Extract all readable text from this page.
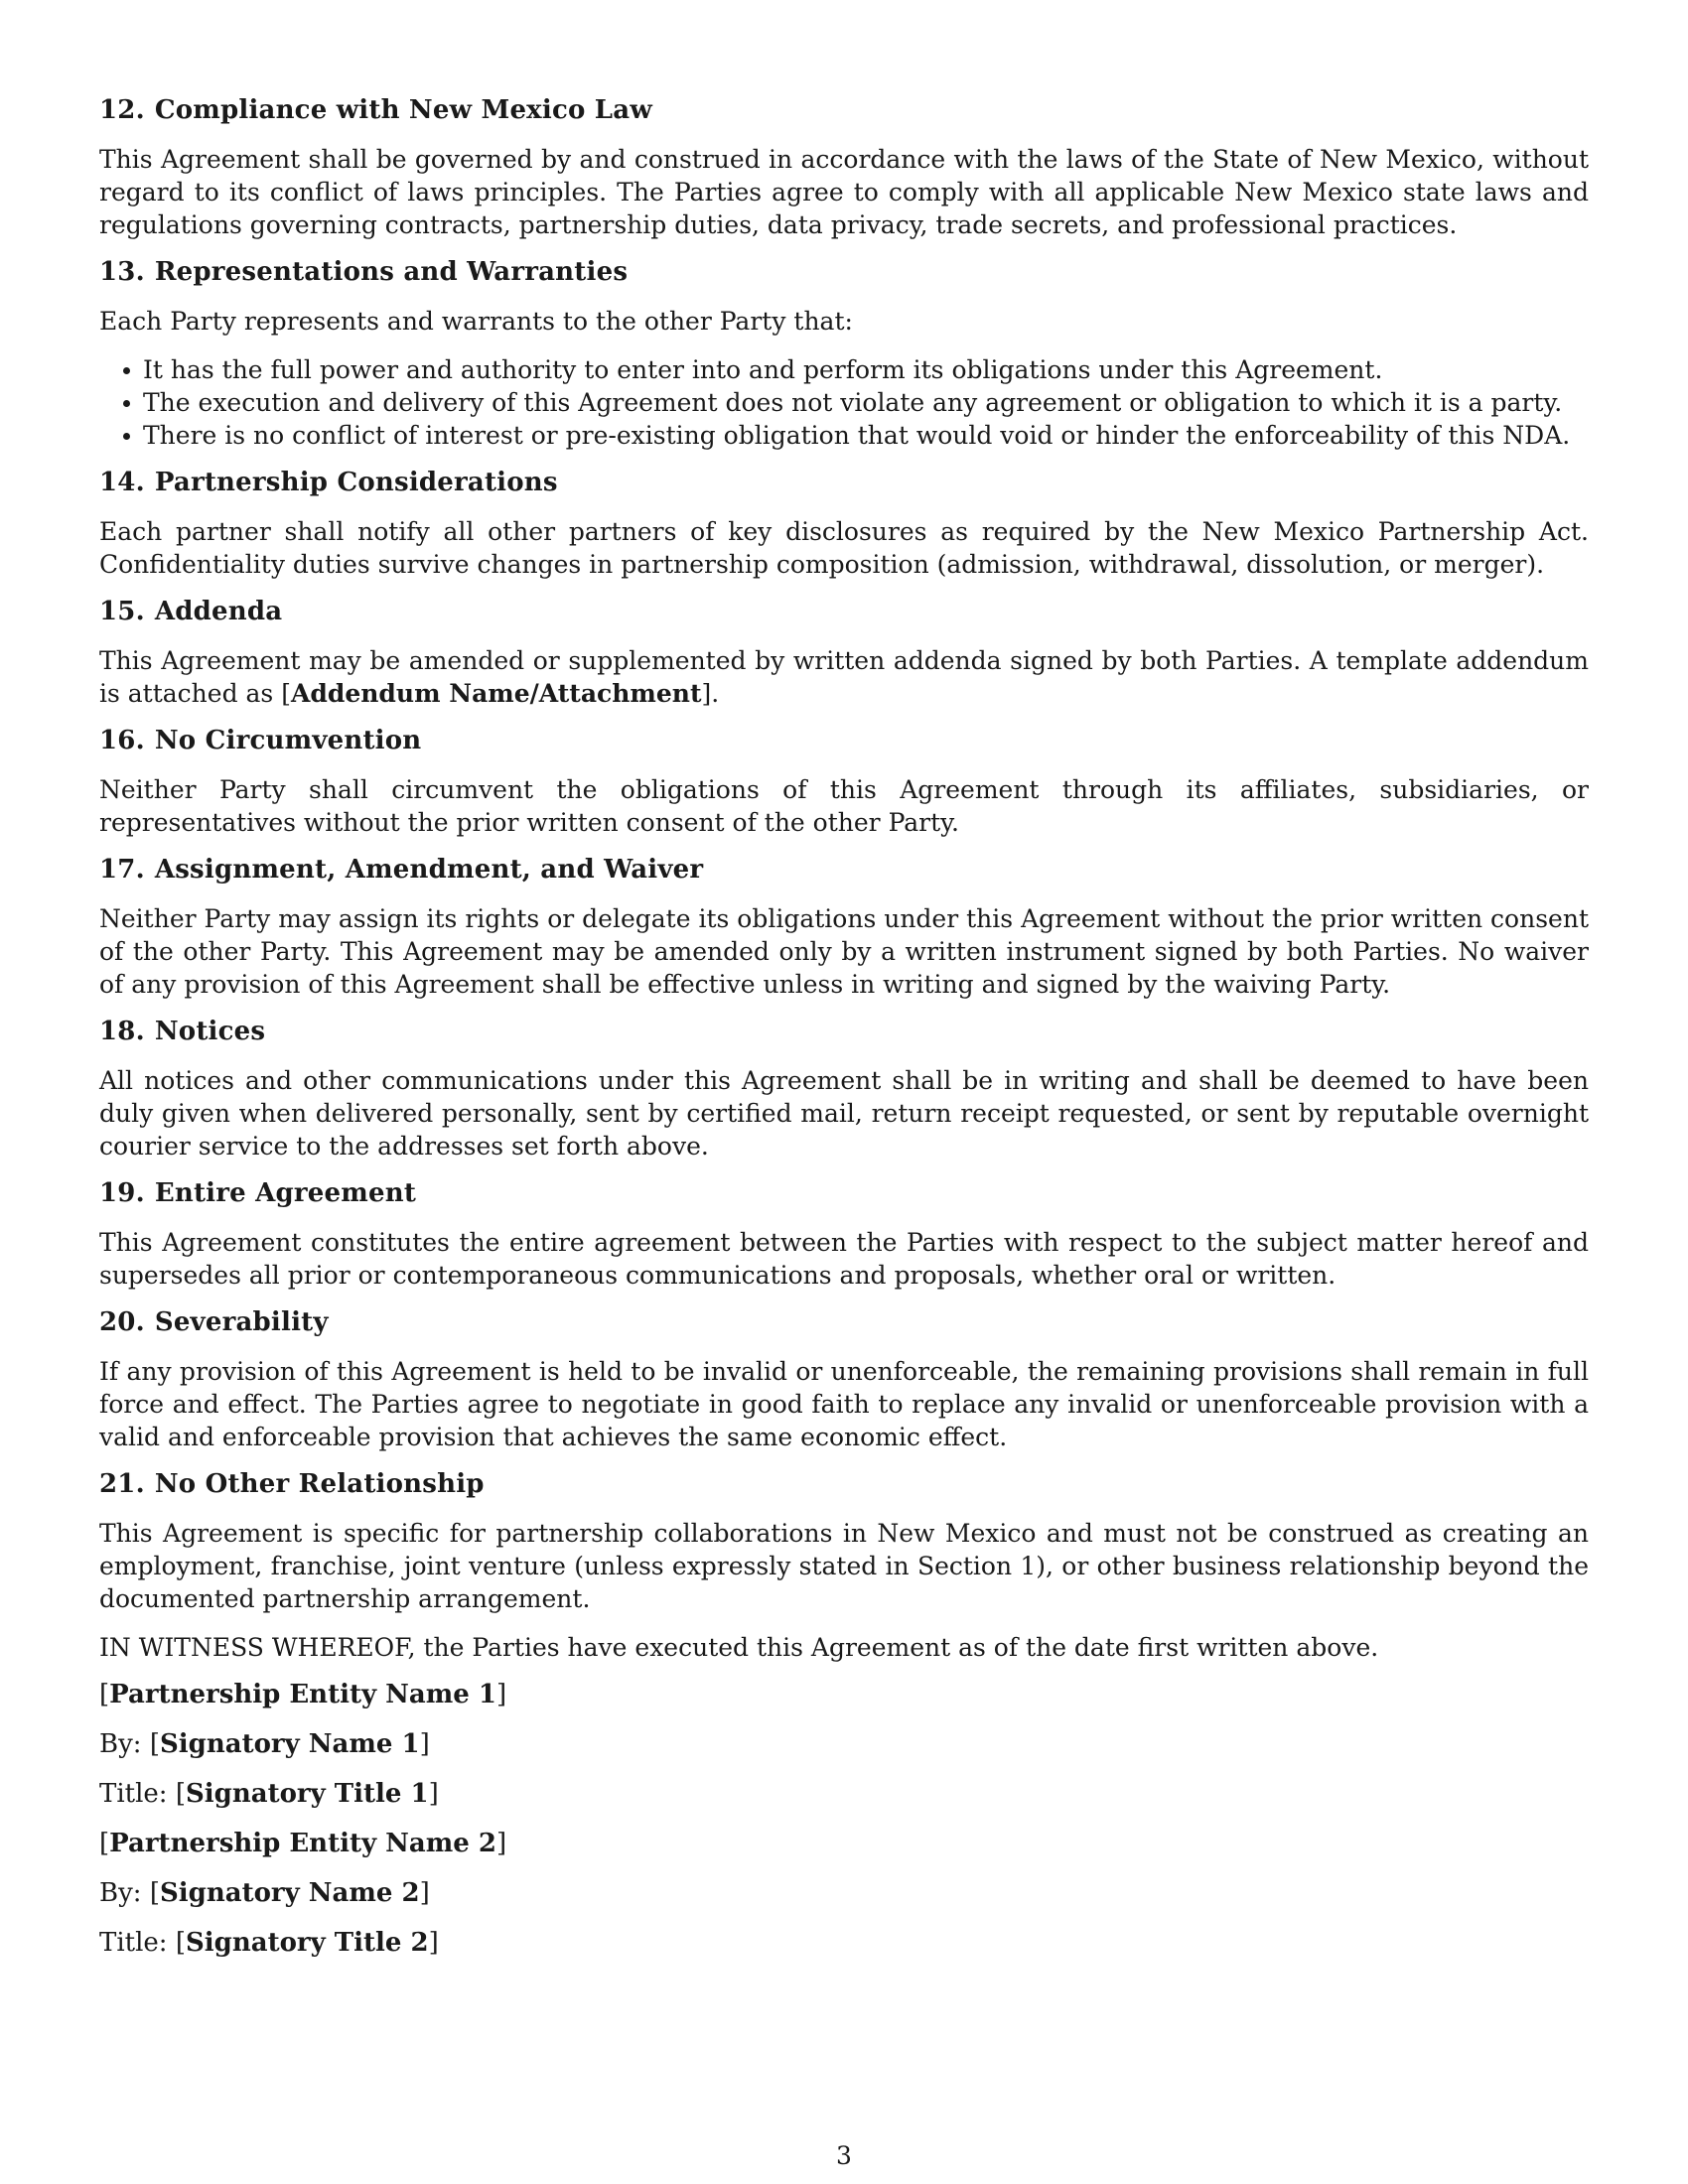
12. Compliance with New Mexico Law

This Agreement shall be governed by and construed in accordance with the laws of the State of New Mexico, without regard to its conflict of laws principles. The Parties agree to comply with all applicable New Mexico state laws and regulations governing contracts, partnership duties, data privacy, trade secrets, and professional practices.

13. Representations and Warranties

Each Party represents and warrants to the other Party that:

It has the full power and authority to enter into and perform its obligations under this Agreement.
The execution and delivery of this Agreement does not violate any agreement or obligation to which it is a party.
There is no conflict of interest or pre-existing obligation that would void or hinder the enforceability of this NDA.
14. Partnership Considerations

Each partner shall notify all other partners of key disclosures as required by the New Mexico Partnership Act. Confidentiality duties survive changes in partnership composition (admission, withdrawal, dissolution, or merger).

15. Addenda

This Agreement may be amended or supplemented by written addenda signed by both Parties. A template addendum is attached as [Addendum Name/Attachment].

16. No Circumvention

Neither Party shall circumvent the obligations of this Agreement through its affiliates, subsidiaries, or representatives without the prior written consent of the other Party.

17. Assignment, Amendment, and Waiver

Neither Party may assign its rights or delegate its obligations under this Agreement without the prior written consent of the other Party. This Agreement may be amended only by a written instrument signed by both Parties. No waiver of any provision of this Agreement shall be effective unless in writing and signed by the waiving Party.

18. Notices

All notices and other communications under this Agreement shall be in writing and shall be deemed to have been duly given when delivered personally, sent by certified mail, return receipt requested, or sent by reputable overnight courier service to the addresses set forth above.

19. Entire Agreement

This Agreement constitutes the entire agreement between the Parties with respect to the subject matter hereof and supersedes all prior or contemporaneous communications and proposals, whether oral or written.

20. Severability

If any provision of this Agreement is held to be invalid or unenforceable, the remaining provisions shall remain in full force and effect. The Parties agree to negotiate in good faith to replace any invalid or unenforceable provision with a valid and enforceable provision that achieves the same economic effect.

21. No Other Relationship

This Agreement is specific for partnership collaborations in New Mexico and must not be construed as creating an employment, franchise, joint venture (unless expressly stated in Section 1), or other business relationship beyond the documented partnership arrangement.

IN WITNESS WHEREOF, the Parties have executed this Agreement as of the date first written above.

[Partnership Entity Name 1]

By: [Signatory Name 1]

Title: [Signatory Title 1]

[Partnership Entity Name 2]

By: [Signatory Name 2]

Title: [Signatory Title 2]

3
